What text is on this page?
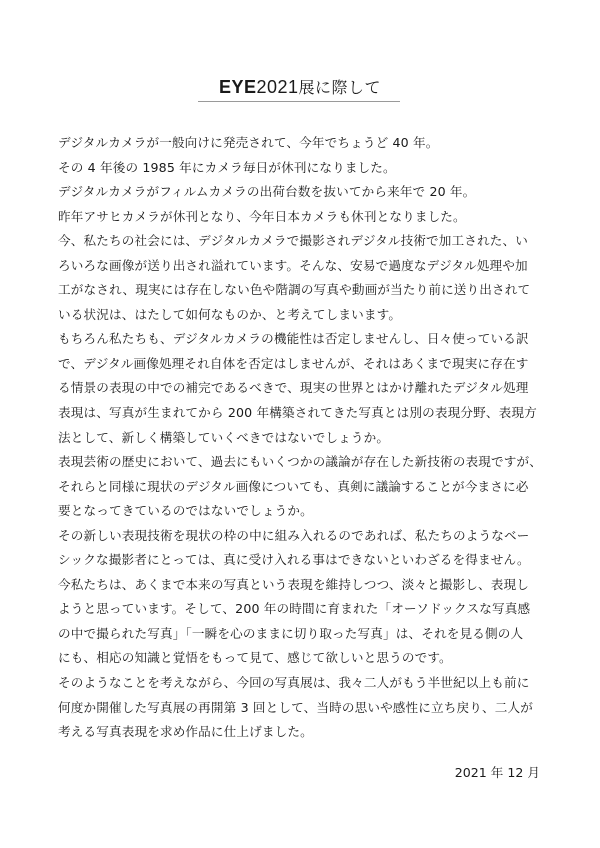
EYE2021展に際して
デジタルカメラが一般向けに発売されて、今年でちょうど 40 年。
その 4 年後の 1985 年にカメラ毎日が休刊になりました。
デジタルカメラがフィルムカメラの出荷台数を抜いてから来年で 20 年。
昨年アサヒカメラが休刊となり、今年日本カメラも休刊となりました。
今、私たちの社会には、デジタルカメラで撮影されデジタル技術で加工された、い
ろいろな画像が送り出され溢れています。そんな、安易で過度なデジタル処理や加
工がなされ、現実には存在しない色や階調の写真や動画が当たり前に送り出されて
いる状況は、はたして如何なものか、と考えてしまいます。
もちろん私たちも、デジタルカメラの機能性は否定しませんし、日々使っている訳
で、デジタル画像処理それ自体を否定はしませんが、それはあくまで現実に存在す
る情景の表現の中での補完であるべきで、現実の世界とはかけ離れたデジタル処理
表現は、写真が生まれてから 200 年構築されてきた写真とは別の表現分野、表現方
法として、新しく構築していくべきではないでしょうか。
表現芸術の歴史において、過去にもいくつかの議論が存在した新技術の表現ですが、
それらと同様に現状のデジタル画像についても、真剣に議論することが今まさに必
要となってきているのではないでしょうか。
その新しい表現技術を現状の枠の中に組み入れるのであれば、私たちのようなベー
シックな撮影者にとっては、真に受け入れる事はできないといわざるを得ません。
今私たちは、あくまで本来の写真という表現を維持しつつ、淡々と撮影し、表現し
ようと思っています。そして、200 年の時間に育まれた「オーソドックスな写真感
の中で撮られた写真」「一瞬を心のままに切り取った写真」は、それを見る側の人
にも、相応の知識と覚悟をもって見て、感じて欲しいと思うのです。
そのようなことを考えながら、今回の写真展は、我々二人がもう半世紀以上も前に
何度か開催した写真展の再開第 3 回として、当時の思いや感性に立ち戻り、二人が
考える写真表現を求め作品に仕上げました。
2021 年 12 月
